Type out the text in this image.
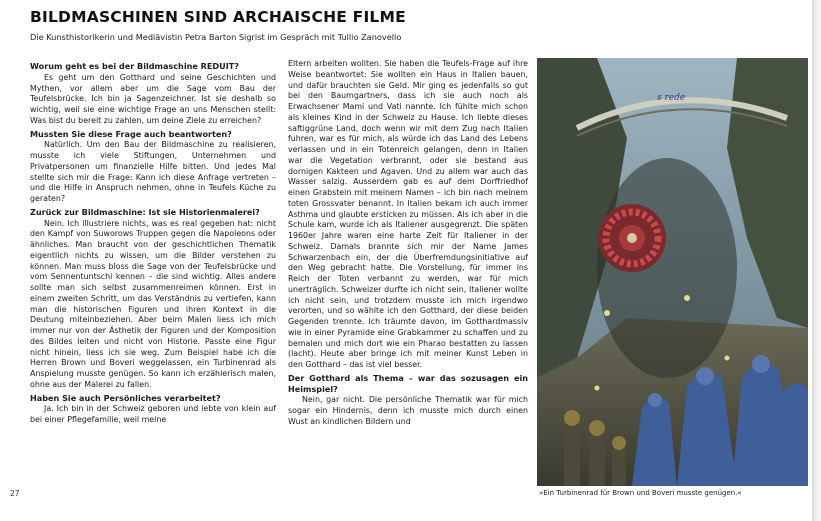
BILDMASCHINEN SIND ARCHAISCHE FILME
Die Kunsthistorikerin und Mediävistin Petra Barton Sigrist im Gespräch mit Tullio Zanovello
Worum geht es bei der Bildmaschine REDUIT?

Es geht um den Gotthard und seine Geschichten und Mythen, vor allem aber um die Sage vom Bau der Teufelsbrücke. Ich bin ja Sagenzeichner. Ist sie deshalb so wichtig, weil sie eine wichtige Frage an uns Menschen stellt: Was bist du bereit zu zahlen, um deine Ziele zu erreichen?

Mussten Sie diese Frage auch beantworten?

Natürlich. Um den Bau der Bildmaschine zu realisieren, musste ich viele Stiftungen, Unternehmen und Privatpersonen um finanzielle Hilfe bitten. Und jedes Mal stellte sich mir die Frage: Kann ich diese Anfrage vertreten – und die Hilfe in Anspruch nehmen, ohne in Teufels Küche zu geraten?

Zurück zur Bildmaschine: Ist sie Historienmalerei?

Nein. Ich illustriere nichts, was es real gegeben hat: nicht den Kampf von Suworows Truppen gegen die Napoleons oder ähnliches. Man braucht von der geschichtlichen Thematik eigentlich nichts zu wissen, um die Bilder verstehen zu können. Man muss bloss die Sage von der Teufelsbrücke und vom Sennentuntschi kennen – die sind wichtig. Alles andere sollte man sich selbst zusammenreimen können. Erst in einem zweiten Schritt, um das Verständnis zu vertiefen, kann man die historischen Figuren und ihren Kontext in die Deutung miteinbeziehen. Aber beim Malen liess ich mich immer nur von der Ästhetik der Figuren und der Komposition des Bildes leiten und nicht von Historie. Passte eine Figur nicht hinein, liess ich sie weg. Zum Beispiel habe ich die Herren Brown und Boveri weggelassen, ein Turbinenrad als Anspielung musste genügen. So kann ich erzählerisch malen, ohne aus der Malerei zu fallen.

Haben Sie auch Persönliches verarbeitet?

Ja. Ich bin in der Schweiz geboren und lebte von klein auf bei einer Pflegefamilie, weil meine

Eltern arbeiten wollten. Sie haben die Teufels-Frage auf ihre Weise beantwortet: Sie wollten ein Haus in Italien bauen, und dafür brauchten sie Geld. Mir ging es jedenfalls so gut bei den Baumgartners, dass ich sie auch noch als Erwachsener Mami und Vati nannte. Ich fühlte mich schon als kleines Kind in der Schweiz zu Hause. Ich liebte dieses saftiggrüne Land, doch wenn wir mit dem Zug nach Italien fuhren, war es für mich, als würde ich das Land des Lebens verlassen und in ein Totenreich gelangen, denn in Italien war die Vegetation verbrannt, oder sie bestand aus dornigen Kakteen und Agaven. Und zu allem war auch das Wasser salzig. Ausserdem gab es auf dem Dorffriedhof einen Grabstein mit meinem Namen – ich bin nach meinem toten Grossvater benannt. In Italien bekam ich auch immer Asthma und glaubte ersticken zu müssen. Als ich aber in die Schule kam, wurde ich als Italiener ausgegrenzt. Die späten 1960er Jahre waren eine harte Zeit für Italiener in der Schweiz. Damals brannte sich mir der Name James Schwarzenbach ein, der die Überfremdungsinitiative auf den Weg gebracht hatte. Die Vorstellung, für immer ins Reich der Toten verbannt zu werden, war für mich unerträglich. Schweizer durfte ich nicht sein, Italiener wollte ich nicht sein, und trotzdem musste ich mich irgendwo verorten, und so wählte ich den Gotthard, der diese beiden Gegenden trennte. Ich träumte davon, im Gotthardmassiv wie in einer Pyramide eine Grabkammer zu schaffen und zu bemalen und mich dort wie ein Pharao bestatten zu lassen (lacht). Heute aber bringe ich mit meiner Kunst Leben in den Gotthard – das ist viel besser.

Der Gotthard als Thema – war das sozusagen ein Heimspiel?

Nein, gar nicht. Die persönliche Thematik war für mich sogar ein Hindernis, denn ich musste mich durch einen Wust an kindlichen Bildern und

s rede
»Ein Turbinenrad für Brown und Boveri musste genügen.«
27
